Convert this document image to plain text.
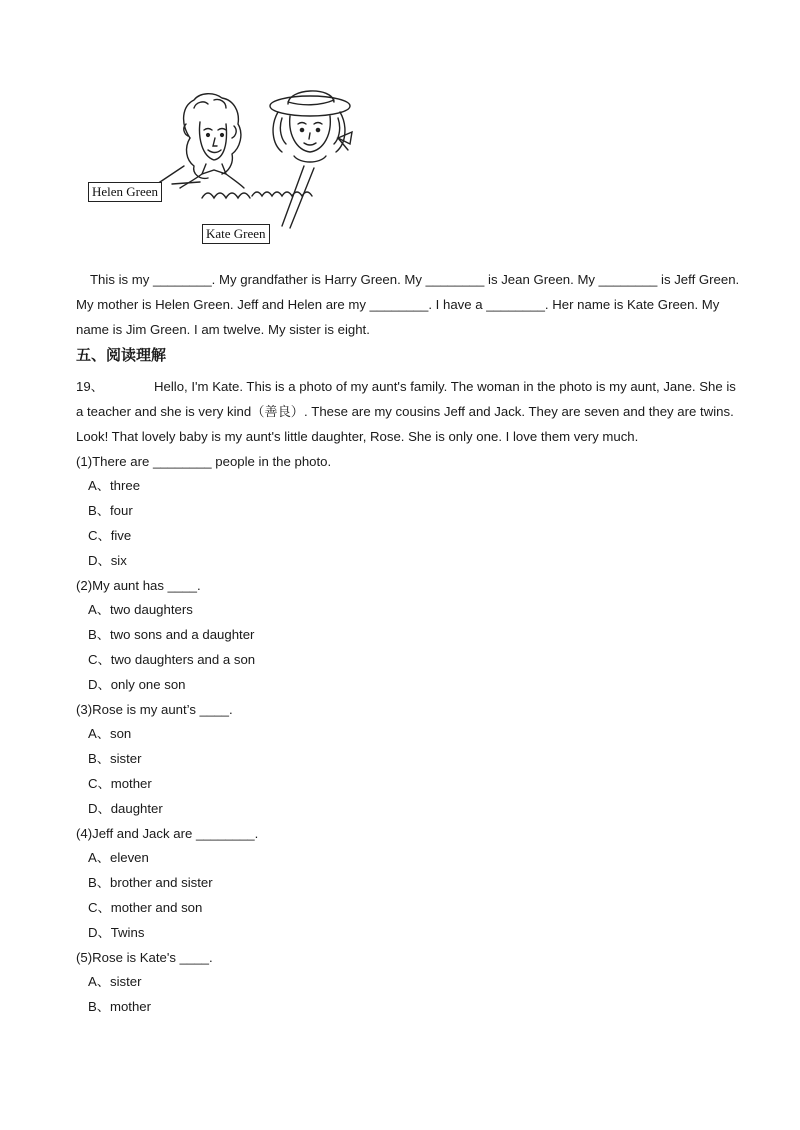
Helen Green
Kate Green
This is my ________. My grandfather is Harry Green. My ________ is Jean Green. My ________ is Jeff Green.
My mother is Helen Green. Jeff and Helen are my ________. I have a ________. Her name is Kate Green. My
name is Jim Green. I am twelve. My sister is eight.
五、阅读理解
19、	Hello, I'm Kate. This is a photo of my aunt's family. The woman in the photo is my aunt, Jane. She is
a teacher and she is very kind（善良）. These are my cousins Jeff and Jack. They are seven and they are twins.
Look! That lovely baby is my aunt's little daughter, Rose. She is only one. I love them very much.
(1)There are ________ people in the photo.
A、three
B、four
C、five
D、six
(2)My aunt has ____.
A、two daughters
B、two sons and a daughter
C、two daughters and a son
D、only one son
(3)Rose is my aunt’s ____.
A、son
B、sister
C、mother
D、daughter
(4)Jeff and Jack are ________.
A、eleven
B、brother and sister
C、mother and son
D、Twins
(5)Rose is Kate's ____.
A、sister
B、mother
